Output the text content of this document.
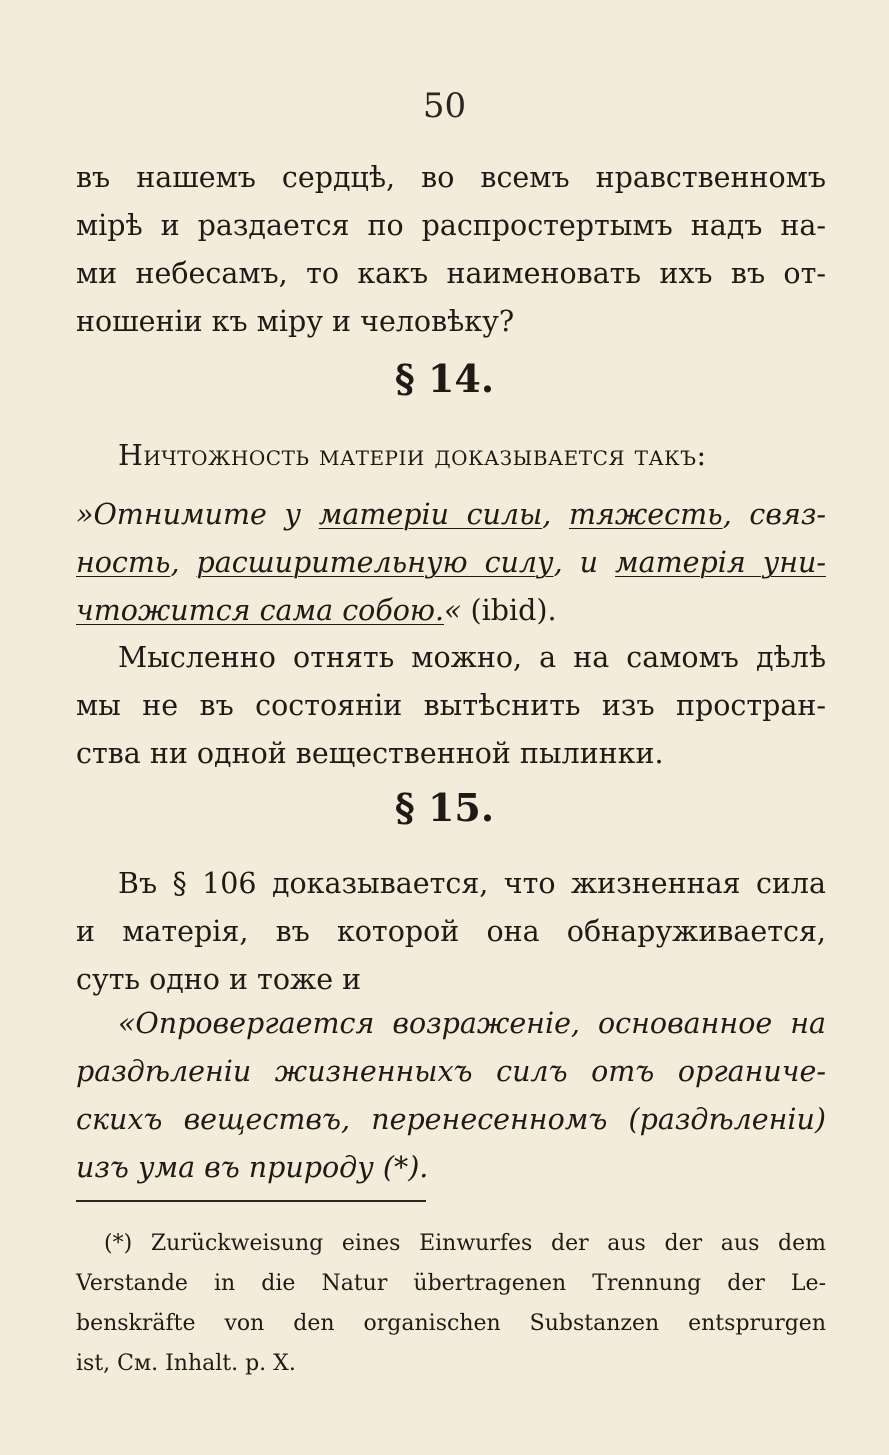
50
въ нашемъ сердцѣ, во всемъ нравственномъ
мірѣ и раздается по распростертымъ надъ на-
ми небесамъ, то какъ наименовать ихъ въ от-
ношеніи къ міру и человѣку?
§ 14.
Ничтожность матеріи доказывается такъ:
»Отнимите у матеріи силы, тяжесть, связ-
ность, расширительную силу, и матерія уни-
чтожится сама собою.« (ibid).
Мысленно отнять можно, а на самомъ дѣлѣ
мы не въ состояніи вытѣснить изъ простран-
ства ни одной вещественной пылинки.
§ 15.
Въ § 106 доказывается, что жизненная сила
и матерія, въ которой она обнаруживается,
суть одно и тоже и
«Опровергается возраженіе, основанное на
раздѣленіи жизненныхъ силъ отъ органиче-
скихъ веществъ, перенесенномъ (раздѣленіи)
изъ ума въ природу (*).
(*) Zurückweisung eines Einwurfes der aus der aus dem
Verstande in die Natur übertragenen Trennung der Le-
benskräfte von den organischen Substanzen entsprurgen
ist, См. Inhalt. p. X.
